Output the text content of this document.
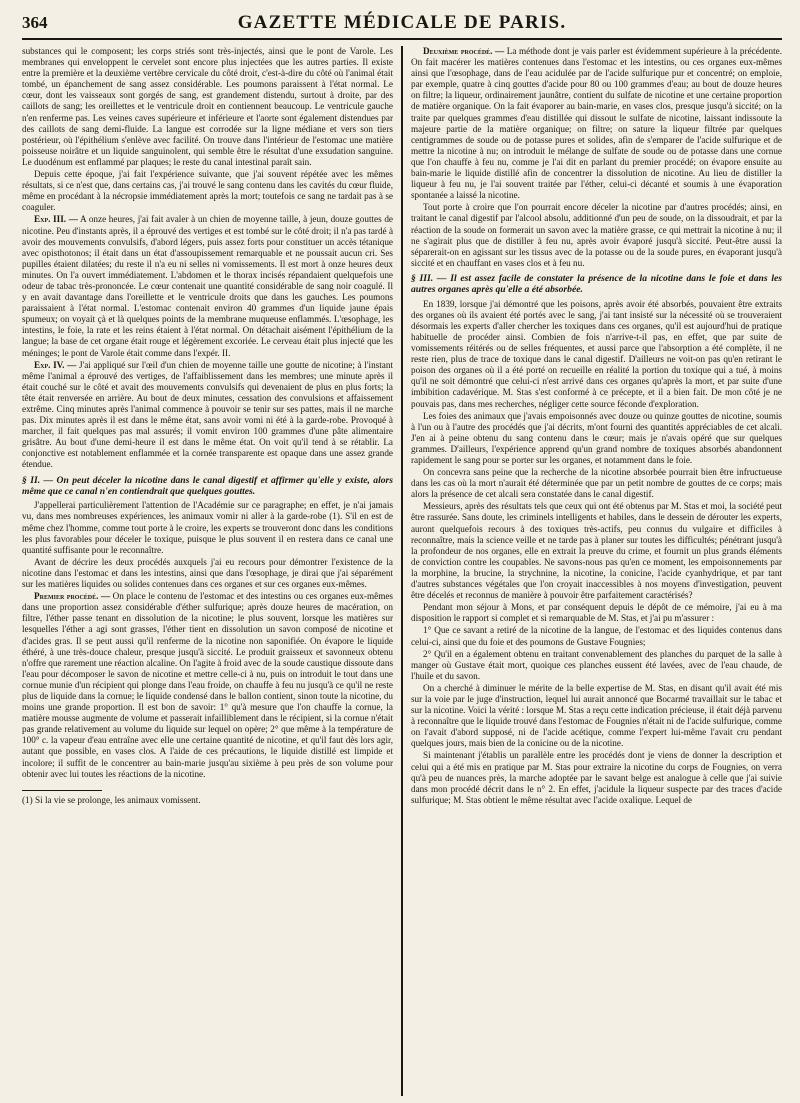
364	GAZETTE MÉDICALE DE PARIS.

substances qui le composent; les corps striés sont très-injectés, ainsi que le pont de Varole. Les membranes qui enveloppent le cervelet sont encore plus injectées que les autres parties. Il existe entre la première et la deuxième vertèbre cervicale du côté droit, c'est-à-dire du côté où l'animal était tombé, un épanchement de sang assez considérable. Les poumons paraissent à l'état normal. Le cœur, dont les vaisseaux sont gorgés de sang, est grandement distendu, surtout à droite, par des caillots de sang; les oreillettes et le ventricule droit en contiennent beaucoup. Le ventricule gauche n'en renferme pas. Les veines caves supérieure et inférieure et l'aorte sont également distendues par des caillots de sang demi-fluide. La langue est corrodée sur la ligne médiane et vers son tiers postérieur, où l'épithélium s'enlève avec facilité. On trouve dans l'intérieur de l'estomac une matière poisseuse noirâtre et un liquide sanguinolent, qui semble être le résultat d'une exsudation sanguine. Le duodénum est enflammé par plaques; le reste du canal intestinal paraît sain.

Depuis cette époque, j'ai fait l'expérience suivante, que j'ai souvent répétée avec les mêmes résultats, si ce n'est que, dans certains cas, j'ai trouvé le sang contenu dans les cavités du cœur fluide, même en procédant à la nécropsie immédiatement après la mort; toutefois ce sang ne tardait pas à se coaguler.

Exp. III. — A onze heures, j'ai fait avaler à un chien de moyenne taille, à jeun, douze gouttes de nicotine. Peu d'instants après, il a éprouvé des vertiges et est tombé sur le côté droit; il n'a pas tardé à avoir des mouvements convulsifs, d'abord légers, puis assez forts pour constituer un accès tétanique avec opisthotonos; il était dans un état d'assoupissement remarquable et ne poussait aucun cri. Ses pupilles étaient dilatées; du reste il n'a eu ni selles ni vomissements. Il est mort à onze heures deux minutes. On l'a ouvert immédiatement. L'abdomen et le thorax incisés répandaient quelquefois une odeur de tabac très-prononcée. Le cœur contenait une quantité considérable de sang noir coagulé. Il y en avait davantage dans l'oreillette et le ventricule droits que dans les gauches. Les poumons paraissaient à l'état normal. L'estomac contenait environ 40 grammes d'un liquide jaune épais spumeux; on voyait çà et là quelques points de la membrane muqueuse enflammés. L'œsophage, les intestins, le foie, la rate et les reins étaient à l'état normal. On détachait aisément l'épithélium de la langue; la base de cet organe était rouge et légèrement excoriée. Le cerveau était plus injecté que les méninges; le pont de Varole était comme dans l'expér. II.

Exp. IV. — J'ai appliqué sur l'œil d'un chien de moyenne taille une goutte de nicotine; à l'instant même l'animal a éprouvé des vertiges, de l'affaiblissement dans les membres; une minute après il était couché sur le côté et avait des mouvements convulsifs qui devenaient de plus en plus forts; la tête était renversée en arrière. Au bout de deux minutes, cessation des convulsions et affaissement extrême. Cinq minutes après l'animal commence à pouvoir se tenir sur ses pattes, mais il ne marche pas. Dix minutes après il est dans le même état, sans avoir vomi ni été à la garde-robe. Provoqué à marcher, il fait quelques pas mal assurés; il vomit environ 100 grammes d'une pâte alimentaire grisâtre. Au bout d'une demi-heure il est dans le même état. On voit qu'il tend à se rétablir. La conjonctive est notablement enflammée et la cornée transparente est opaque dans une assez grande étendue.

§ II. — On peut déceler la nicotine dans le canal digestif et affirmer qu'elle y existe, alors même que ce canal n'en contiendrait que quelques gouttes.

J'appellerai particulièrement l'attention de l'Académie sur ce paragraphe; en effet, je n'ai jamais vu, dans mes nombreuses expériences, les animaux vomir ni aller à la garde-robe (1). S'il en est de même chez l'homme, comme tout porte à le croire, les experts se trouveront donc dans les conditions les plus favorables pour déceler le toxique, puisque le plus souvent il en restera dans ce canal une quantité suffisante pour le reconnaître.

Avant de décrire les deux procédés auxquels j'ai eu recours pour démontrer l'existence de la nicotine dans l'estomac et dans les intestins, ainsi que dans l'œsophage, je dirai que j'ai séparément sur les matières liquides ou solides contenues dans ces organes et sur ces organes eux-mêmes.

Premier procédé. — On place le contenu de l'estomac et des intestins ou ces organes eux-mêmes dans une proportion assez considérable d'éther sulfurique; après douze heures de macération, on filtre, l'éther passe tenant en dissolution de la nicotine; le plus souvent, lorsque les matières sur lesquelles l'éther a agi sont grasses, l'éther tient en dissolution un savon composé de nicotine et d'acides gras. Il se peut aussi qu'il renferme de la nicotine non saponifiée. On évapore le liquide éthéré, à une très-douce chaleur, presque jusqu'à siccité. Le produit graisseux et savonneux obtenu n'offre que rarement une réaction alcaline. On l'agite à froid avec de la soude caustique dissoute dans l'eau pour décomposer le savon de nicotine et mettre celle-ci à nu, puis on introduit le tout dans une cornue munie d'un récipient qui plonge dans l'eau froide, on chauffe à feu nu jusqu'à ce qu'il ne reste plus de liquide dans la cornue; le liquide condensé dans le ballon contient, sinon toute la nicotine, du moins une grande proportion. Il est bon de savoir: 1° qu'à mesure que l'on chauffe la cornue, la matière mousse augmente de volume et passerait infailliblement dans le récipient, si la cornue n'était pas grande relativement au volume du liquide sur lequel on opère; 2° que même à la température de 100° c. la vapeur d'eau entraîne avec elle une certaine quantité de nicotine, et qu'il faut dès lors agir, autant que possible, en vases clos. A l'aide de ces précautions, le liquide distillé est limpide et incolore; il suffit de le concentrer au bain-marie jusqu'au sixième à peu près de son volume pour obtenir avec lui toutes les réactions de la nicotine.

(1) Si la vie se prolonge, les animaux vomissent.

Deuxième procédé. — La méthode dont je vais parler est évidemment supérieure à la précédente. On fait macérer les matières contenues dans l'estomac et les intestins, ou ces organes eux-mêmes ainsi que l'œsophage, dans de l'eau acidulée par de l'acide sulfurique pur et concentré; on emploie, par exemple, quatre à cinq gouttes d'acide pour 80 ou 100 grammes d'eau; au bout de douze heures on filtre; la liqueur, ordinairement jaunâtre, contient du sulfate de nicotine et une certaine proportion de matière organique. On la fait évaporer au bain-marie, en vases clos, presque jusqu'à siccité; on la traite par quelques grammes d'eau distillée qui dissout le sulfate de nicotine, laissant indissoute la majeure partie de la matière organique; on filtre; on sature la liqueur filtrée par quelques centigrammes de soude ou de potasse pures et solides, afin de s'emparer de l'acide sulfurique et de mettre la nicotine à nu; on introduit le mélange de sulfate de soude ou de potasse dans une cornue que l'on chauffe à feu nu, comme je l'ai dit en parlant du premier procédé; on évapore ensuite au bain-marie le liquide distillé afin de concentrer la dissolution de nicotine. Au lieu de distiller la liqueur à feu nu, je l'ai souvent traitée par l'éther, celui-ci décanté et soumis à une évaporation spontanée a laissé la nicotine.

Tout porte à croire que l'on pourrait encore déceler la nicotine par d'autres procédés; ainsi, en traitant le canal digestif par l'alcool absolu, additionné d'un peu de soude, on la dissoudrait, et par la réaction de la soude on formerait un savon avec la matière grasse, ce qui mettrait la nicotine à nu; il ne s'agirait plus que de distiller à feu nu, après avoir évaporé jusqu'à siccité. Peut-être aussi la séparerait-on en agissant sur les tissus avec de la potasse ou de la soude pures, en évaporant jusqu'à siccité et en chauffant en vases clos et à feu nu.

§ III. — Il est assez facile de constater la présence de la nicotine dans le foie et dans les autres organes après qu'elle a été absorbée.

En 1839, lorsque j'ai démontré que les poisons, après avoir été absorbés, pouvaient être extraits des organes où ils avaient été portés avec le sang, j'ai tant insisté sur la nécessité où se trouveraient désormais les experts d'aller chercher les toxiques dans ces organes, qu'il est aujourd'hui de pratique habituelle de procéder ainsi. Combien de fois n'arrive-t-il pas, en effet, que par suite de vomissements réitérés ou de selles fréquentes, et aussi parce que l'absorption a été complète, il ne reste rien, plus de trace de toxique dans le canal digestif. D'ailleurs ne voit-on pas qu'en retirant le poison des organes où il a été porté on recueille en réalité la portion du toxique qui a tué, à moins qu'il ne soit démontré que celui-ci n'est arrivé dans ces organes qu'après la mort, et par suite d'une imbibition cadavérique. M. Stas s'est conformé à ce précepte, et il a bien fait. De mon côté je ne pouvais pas, dans mes recherches, négliger cette source féconde d'exploration.

Les foies des animaux que j'avais empoisonnés avec douze ou quinze gouttes de nicotine, soumis à l'un ou à l'autre des procédés que j'ai décrits, m'ont fourni des quantités appréciables de cet alcali. J'en ai à peine obtenu du sang contenu dans le cœur; mais je n'avais opéré que sur quelques grammes. D'ailleurs, l'expérience apprend qu'un grand nombre de toxiques absorbés abandonnent rapidement le sang pour se porter sur les organes, et notamment dans le foie.

On concevra sans peine que la recherche de la nicotine absorbée pourrait bien être infructueuse dans les cas où la mort n'aurait été déterminée que par un petit nombre de gouttes de ce corps; mais alors la présence de cet alcali sera constatée dans le canal digestif.

Messieurs, après des résultats tels que ceux qui ont été obtenus par M. Stas et moi, la société peut être rassurée. Sans doute, les criminels intelligents et habiles, dans le dessein de dérouter les experts, auront quelquefois recours à des toxiques très-actifs, peu connus du vulgaire et difficiles à reconnaître, mais la science veille et ne tarde pas à planer sur toutes les difficultés; pénétrant jusqu'à la profondeur de nos organes, elle en extrait la preuve du crime, et fournit un plus grands éléments de conviction contre les coupables. Ne savons-nous pas qu'en ce moment, les empoisonnements par la morphine, la brucine, la strychnine, la nicotine, la conicine, l'acide cyanhydrique, et par tant d'autres substances végétales que l'on croyait inaccessibles à nos moyens d'investigation, peuvent être décelés et reconnus de manière à pouvoir être parfaitement caractérisés?

Pendant mon séjour à Mons, et par conséquent depuis le dépôt de ce mémoire, j'ai eu à ma disposition le rapport si complet et si remarquable de M. Stas, et j'ai pu m'assurer :

1° Que ce savant a retiré de la nicotine de la langue, de l'estomac et des liquides contenus dans celui-ci, ainsi que du foie et des poumons de Gustave Fougnies;

2° Qu'il en a également obtenu en traitant convenablement des planches du parquet de la salle à manger où Gustave était mort, quoique ces planches eussent été lavées, avec de l'eau chaude, de l'huile et du savon.

On a cherché à diminuer le mérite de la belle expertise de M. Stas, en disant qu'il avait été mis sur la voie par le juge d'instruction, lequel lui aurait annoncé que Bocarmé travaillait sur le tabac et sur la nicotine. Voici la vérité : lorsque M. Stas a reçu cette indication précieuse, il était déjà parvenu à reconnaître que le liquide trouvé dans l'estomac de Fougnies n'était ni de l'acide sulfurique, comme on l'avait d'abord supposé, ni de l'acide acétique, comme l'expert lui-même l'avait cru pendant quelques jours, mais bien de la conicine ou de la nicotine.

Si maintenant j'établis un parallèle entre les procédés dont je viens de donner la description et celui qui a été mis en pratique par M. Stas pour extraire la nicotine du corps de Fougnies, on verra qu'à peu de nuances près, la marche adoptée par le savant belge est analogue à celle que j'ai suivie dans mon procédé décrit dans le n° 2. En effet, j'acidule la liqueur suspecte par des traces d'acide sulfurique; M. Stas obtient le même résultat avec l'acide oxalique. Lequel de
